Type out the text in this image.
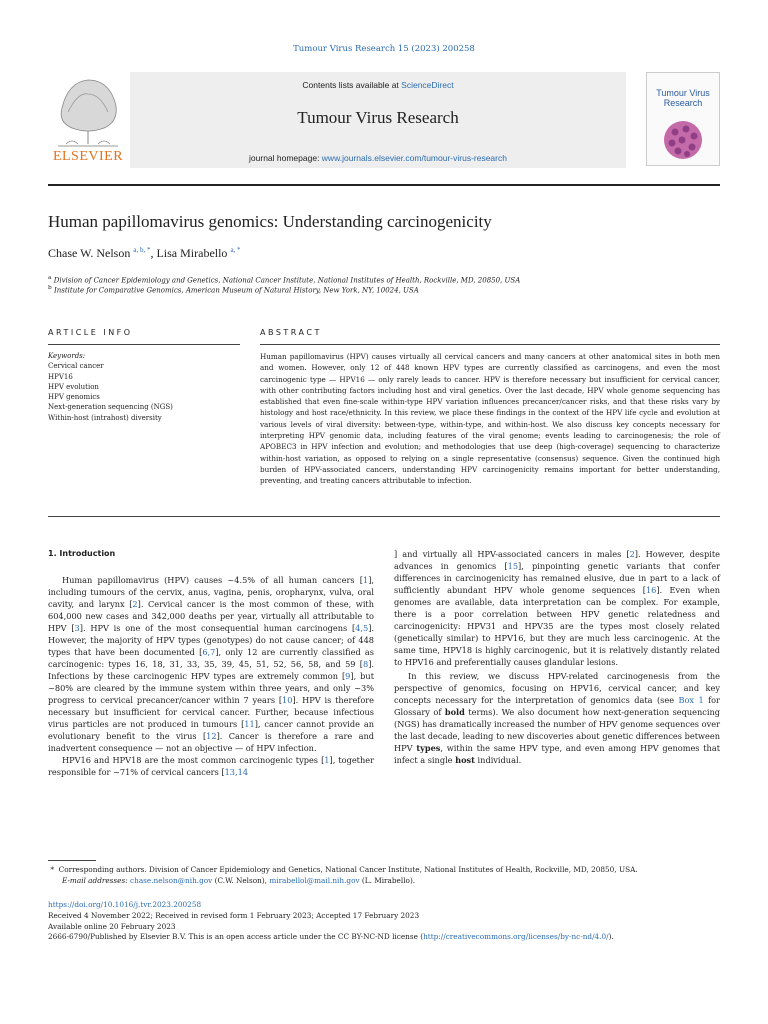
Tumour Virus Research 15 (2023) 200258
Contents lists available at ScienceDirect
Tumour Virus Research
journal homepage: www.journals.elsevier.com/tumour-virus-research
ELSEVIER
Tumour Virus Research
Human papillomavirus genomics: Understanding carcinogenicity
Chase W. Nelson $^{a, b, *}$, Lisa Mirabello $^{a, *}$
$^a$ Division of Cancer Epidemiology and Genetics, National Cancer Institute, National Institutes of Health, Rockville, MD, 20850, USA
$^b$ Institute for Comparative Genomics, American Museum of Natural History, New York, NY, 10024, USA
ARTICLE INFO	ABSTRACT
Keywords:
Cervical cancer
HPV16
HPV evolution
HPV genomics
Next-generation sequencing (NGS)
Within-host (intrahost) diversity
Human papillomavirus (HPV) causes virtually all cervical cancers and many cancers at other anatomical sites in both men and women. However, only 12 of 448 known HPV types are currently classified as carcinogens, and even the most carcinogenic type — HPV16 — only rarely leads to cancer. HPV is therefore necessary but insufficient for cervical cancer, with other contributing factors including host and viral genetics. Over the last decade, HPV whole genome sequencing has established that even fine-scale within-type HPV variation influences precancer/cancer risks, and that these risks vary by histology and host race/ethnicity. In this review, we place these findings in the context of the HPV life cycle and evolution at various levels of viral diversity: between-type, within-type, and within-host. We also discuss key concepts necessary for interpreting HPV genomic data, including features of the viral genome; events leading to carcinogenesis; the role of APOBEC3 in HPV infection and evolution; and methodologies that use deep (high-coverage) sequencing to characterize within-host variation, as opposed to relying on a single representative (consensus) sequence. Given the continued high burden of HPV-associated cancers, understanding HPV carcinogenicity remains important for better understanding, preventing, and treating cancers attributable to infection.
1. Introduction

Human papillomavirus (HPV) causes ~4.5% of all human cancers [1], including tumours of the cervix, anus, vagina, penis, oropharynx, vulva, oral cavity, and larynx [2]. Cervical cancer is the most common of these, with 604,000 new cases and 342,000 deaths per year, virtually all attributable to HPV [3]. HPV is one of the most consequential human carcinogens [4,5]. However, the majority of HPV types (genotypes) do not cause cancer; of 448 types that have been documented [6,7], only 12 are currently classified as carcinogenic: types 16, 18, 31, 33, 35, 39, 45, 51, 52, 56, 58, and 59 [8]. Infections by these carcinogenic HPV types are extremely common [9], but ~80% are cleared by the immune system within three years, and only ~3% progress to cervical precancer/cancer within 7 years [10]. HPV is therefore necessary but insufficient for cervical cancer. Further, because infectious virus particles are not produced in tumours [11], cancer cannot provide an evolutionary benefit to the virus [12]. Cancer is therefore a rare and inadvertent consequence — not an objective — of HPV infection.

HPV16 and HPV18 are the most common carcinogenic types [1], together responsible for ~71% of cervical cancers [13,14

] and virtually all HPV-associated cancers in males [2]. However, despite advances in genomics [15], pinpointing genetic variants that confer differences in carcinogenicity has remained elusive, due in part to a lack of sufficiently abundant HPV whole genome sequences [16]. Even when genomes are available, data interpretation can be complex. For example, there is a poor correlation between HPV genetic relatedness and carcinogenicity: HPV31 and HPV35 are the types most closely related (genetically similar) to HPV16, but they are much less carcinogenic. At the same time, HPV18 is highly carcinogenic, but it is relatively distantly related to HPV16 and preferentially causes glandular lesions.

In this review, we discuss HPV-related carcinogenesis from the perspective of genomics, focusing on HPV16, cervical cancer, and key concepts necessary for the interpretation of genomics data (see Box 1 for Glossary of bold terms). We also document how next-generation sequencing (NGS) has dramatically increased the number of HPV genome sequences over the last decade, leading to new discoveries about genetic differences between HPV types, within the same HPV type, and even among HPV genomes that infect a single host individual.

*  Corresponding authors. Division of Cancer Epidemiology and Genetics, National Cancer Institute, National Institutes of Health, Rockville, MD, 20850, USA.
E-mail addresses: chase.nelson@nih.gov (C.W. Nelson), mirabellol@mail.nih.gov (L. Mirabello).
https://doi.org/10.1016/j.tvr.2023.200258
Received 4 November 2022; Received in revised form 1 February 2023; Accepted 17 February 2023
Available online 20 February 2023
2666-6790/Published by Elsevier B.V. This is an open access article under the CC BY-NC-ND license (http://creativecommons.org/licenses/by-nc-nd/4.0/).
